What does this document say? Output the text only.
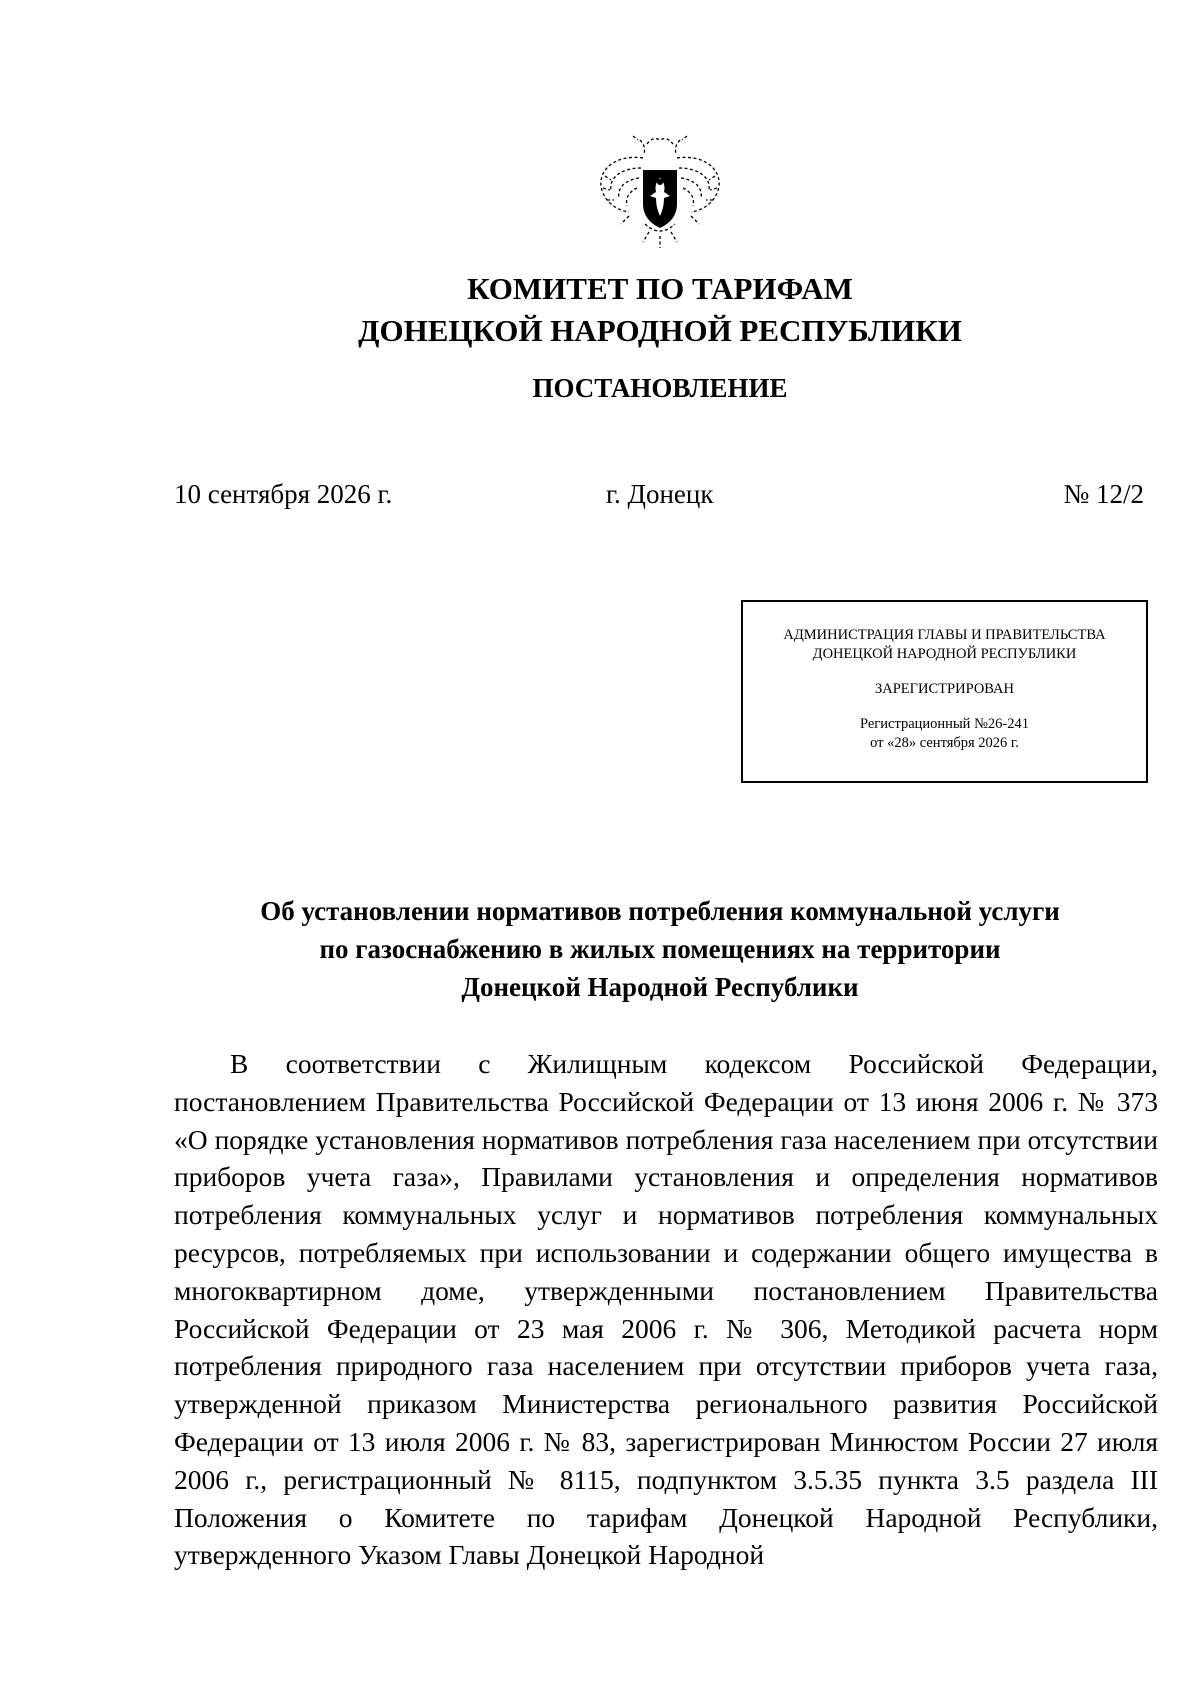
КОМИТЕТ ПО ТАРИФАМ
ДОНЕЦКОЙ НАРОДНОЙ РЕСПУБЛИКИ
ПОСТАНОВЛЕНИЕ
10 сентября 2026 г.	г. Донецк	№ 12/2
АДМИНИСТРАЦИЯ ГЛАВЫ И ПРАВИТЕЛЬСТВА
ДОНЕЦКОЙ НАРОДНОЙ РЕСПУБЛИКИ
ЗАРЕГИСТРИРОВАН
Регистрационный №26-241
от «28» сентября 2026 г.
Об установлении нормативов потребления коммунальной услуги
по газоснабжению в жилых помещениях на территории
Донецкой Народной Республики

В соответствии с Жилищным кодексом Российской Федерации, постановлением Правительства Российской Федерации от 13 июня 2006 г. № 373 «О порядке установления нормативов потребления газа населением при отсутствии приборов учета газа», Правилами установления и определения нормативов потребления коммунальных услуг и нормативов потребления коммунальных ресурсов, потребляемых при использовании и содержании общего имущества в многоквартирном доме, утвержденными постановлением Правительства Российской Федерации от 23 мая 2006 г. № 306, Методикой расчета норм потребления природного газа населением при отсутствии приборов учета газа, утвержденной приказом Министерства регионального развития Российской Федерации от 13 июля 2006 г. № 83, зарегистрирован Минюстом России 27 июля 2006 г., регистрационный № 8115, подпунктом 3.5.35 пункта 3.5 раздела III Положения о Комитете по тарифам Донецкой Народной Республики, утвержденного Указом Главы Донецкой Народной
